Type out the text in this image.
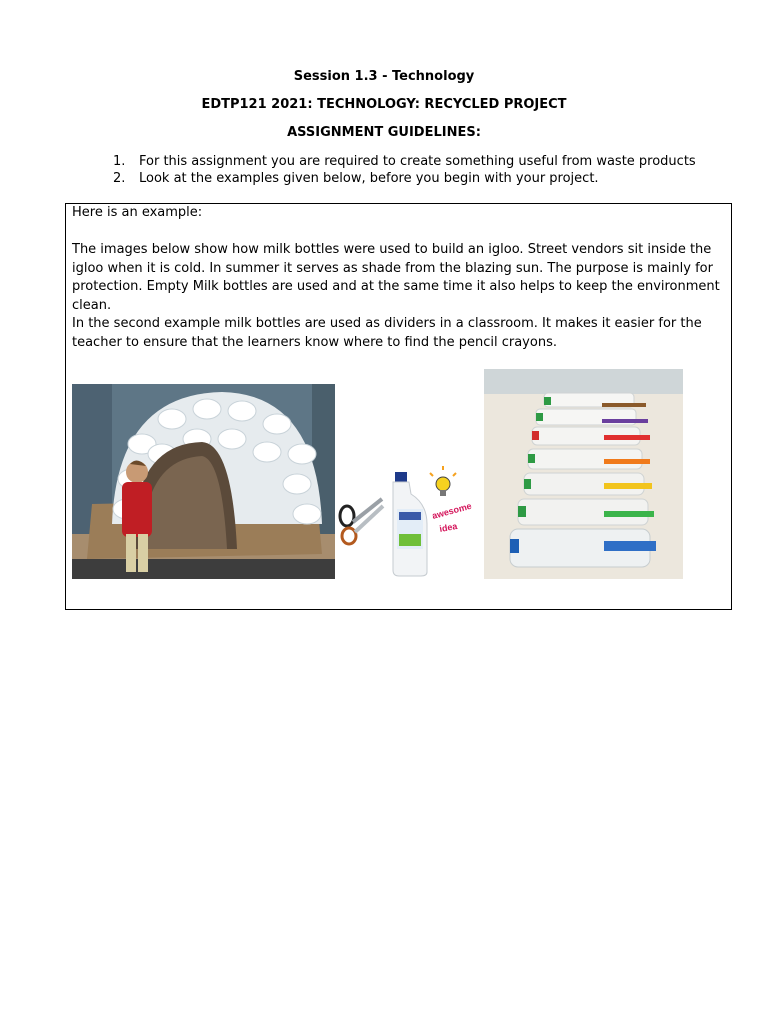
Session 1.3 - Technology
EDTP121 2021: TECHNOLOGY: RECYCLED PROJECT
ASSIGNMENT GUIDELINES:
1.	For this assignment you are required to create something useful from waste products
2.	Look at the examples given below, before you begin with your project.

Here is an example:

The images below show how milk bottles were used to build an igloo. Street vendors sit inside the igloo when it is cold. In summer it serves as shade from the blazing sun. The purpose is mainly for protection. Empty Milk bottles are used and at the same time it also helps to keep the environment clean.

In the second example milk bottles are used as dividers in a classroom. It makes it easier for the teacher to ensure that the learners know where to find the pencil crayons.

awesome
idea
